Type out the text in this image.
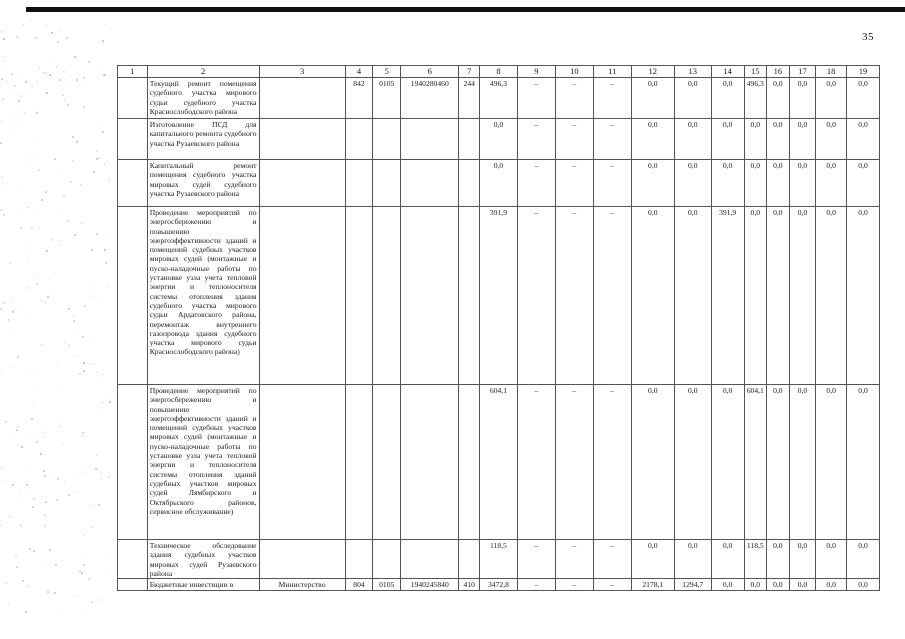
35
1	2	3	4	5	6	7	8	9	10	11	12	13	14	15	16	17	18	19
	Текущий ремонт помещения судебного участка мирового судьи судебного участка Краснослободского района		842	0105	1940280460	244	496,3	–	–	–	0,0	0,0	0,0	496,3	0,0	0,0	0,0	0,0
	Изготовление ПСД для капитального ремонта судебного участка Рузаевского района						0,0	–	–	–	0,0	0,0	0,0	0,0	0,0	0,0	0,0	0,0
	Капитальный ремонт помещения судебного участка мировых судей судебного участка Рузаевского района						0,0	–	–	–	0,0	0,0	0,0	0,0	0,0	0,0	0,0	0,0
	Проведение мероприятий по энергосбережению и повышению энергоэффективности зданий и помещений судебных участков мировых судей (монтажные и пуско-наладочные работы по установке узла учета тепловой энергии и теплоносителя системы отопления здания судебного участка мирового судьи Ардатовского района, перемонтаж внутреннего газопровода здания судебного участка мирового судьи Краснослободского района)						391,9	–	–	–	0,0	0,0	391,9	0,0	0,0	0,0	0,0	0,0
	Проведение мероприятий по энергосбережению и повышению энергоэффективности зданий и помещений судебных участков мировых судей (монтажные и пуско-наладочные работы по установке узла учета тепловой энергии и теплоносителя системы отопления зданий судебных участков мировых судей Лямбирского и Октябрьского районов, сервисное обслуживание)						604,1	–	–	–	0,0	0,0	0,0	604,1	0,0	0,0	0,0	0,0
	Техническое обследование здания судебных участков мировых судей Рузаевского района						118,5	–	–	–	0,0	0,0	0,0	118,5	0,0	0,0	0,0	0,0
	Бюджетные инвестиции в	Министерство	804	0105	1940245840	410	3472,8	–	–	–	2178,1	1294,7	0,0	0,0	0,0	0,0	0,0	0,0
